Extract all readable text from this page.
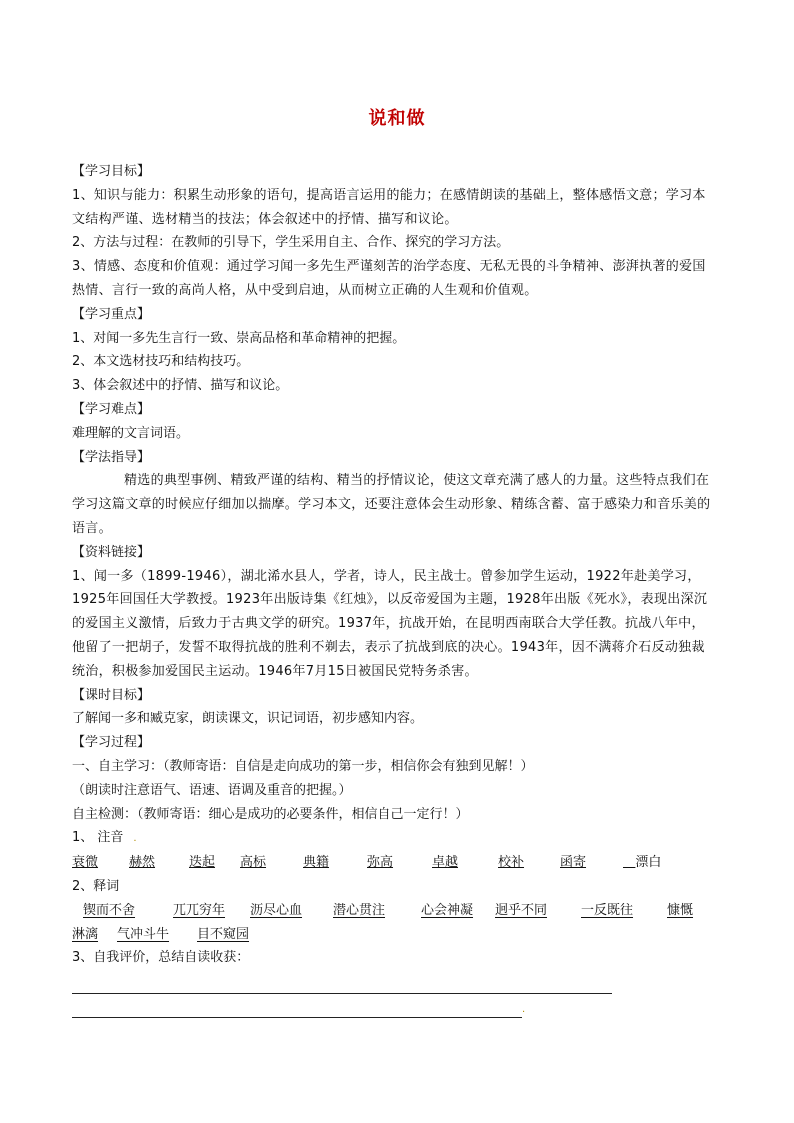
说和做

【学习目标】

1、知识与能力：积累生动形象的语句，提高语言运用的能力；在感情朗读的基础上，整体感悟文意；学习本文结构严谨、选材精当的技法；体会叙述中的抒情、描写和议论。

2、方法与过程：在教师的引导下，学生采用自主、合作、探究的学习方法。

3、情感、态度和价值观：通过学习闻一多先生严谨刻苦的治学态度、无私无畏的斗争精神、澎湃执著的爱国热情、言行一致的高尚人格，从中受到启迪，从而树立正确的人生观和价值观。

【学习重点】

1、对闻一多先生言行一致、崇高品格和革命精神的把握。

2、本文选材技巧和结构技巧。

3、体会叙述中的抒情、描写和议论。

【学习难点】

难理解的文言词语。

【学法指导】

精选的典型事例、精致严谨的结构、精当的抒情议论，使这文章充满了感人的力量。这些特点我们在学习这篇文章的时候应仔细加以揣摩。学习本文，还要注意体会生动形象、精练含蓄、富于感染力和音乐美的语言。

【资料链接】

1、闻一多（1899-1946），湖北浠水县人，学者，诗人，民主战士。曾参加学生运动，1922年赴美学习，1925年回国任大学教授。1923年出版诗集《红烛》，以反帝爱国为主题，1928年出版《死水》，表现出深沉的爱国主义激情，后致力于古典文学的研究。1937年，抗战开始，在昆明西南联合大学任教。抗战八年中，他留了一把胡子，发誓不取得抗战的胜利不剃去，表示了抗战到底的决心。1943年，因不满蒋介石反动独裁统治，积极参加爱国民主运动。1946年7月15日被国民党特务杀害。

【课时目标】

了解闻一多和臧克家，朗读课文，识记词语，初步感知内容。

【学习过程】

一、自主学习：（教师寄语：自信是走向成功的第一步，相信你会有独到见解！）

（朗读时注意语气、语速、语调及重音的把握。）

自主检测：（教师寄语：细心是成功的必要条件，相信自己一定行！）

1、 注音 .

衰微	赫然	迭起	高标	典籍	弥高	卓越	校补	函寄	漂白

2、释词

锲而不舍	兀兀穷年	沥尽心血	潜心贯注	心会神凝	迥乎不同	一反既往	慷慨
淋漓	气冲斗牛	目不窥园

3、自我评价，总结自读收获：

.
